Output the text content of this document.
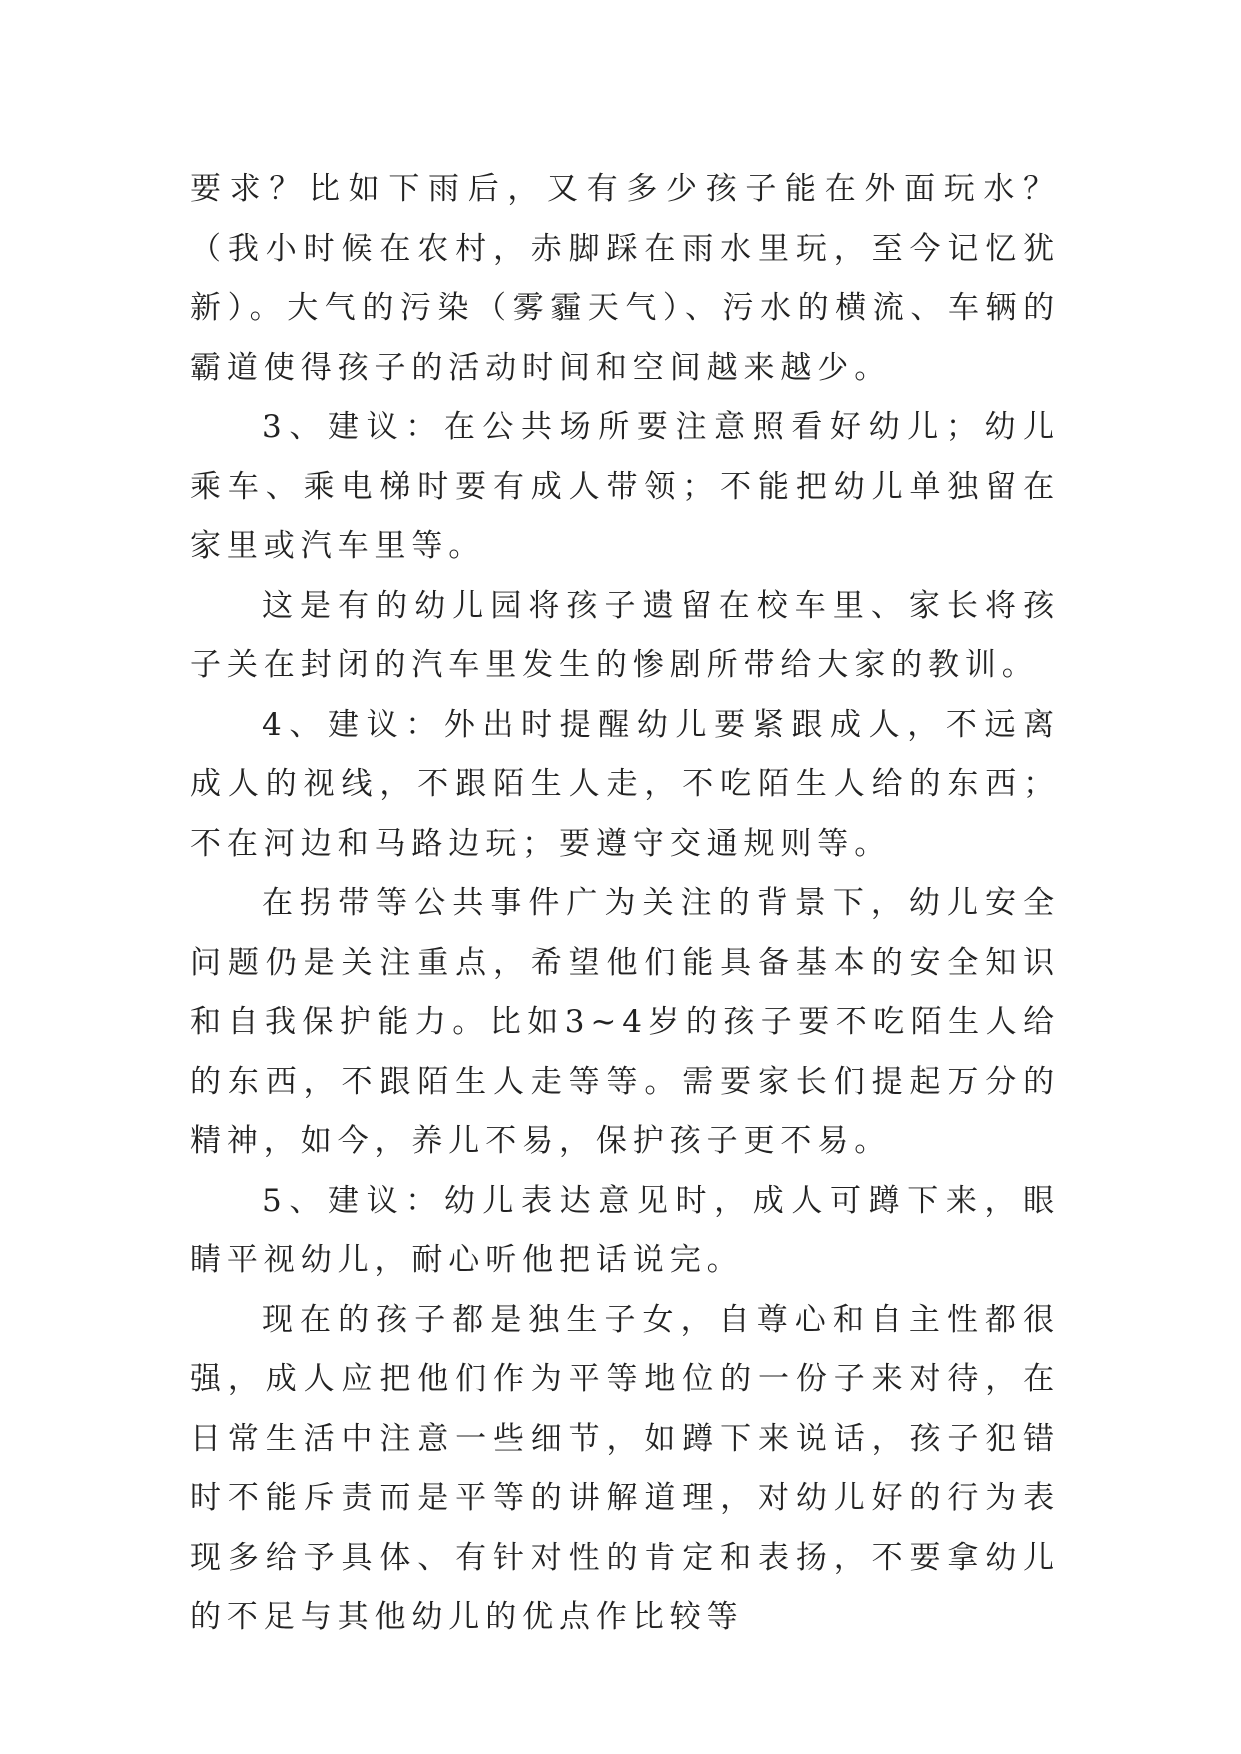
要求？比如下雨后，又有多少孩子能在外面玩水？（我小时候在农村，赤脚踩在雨水里玩，至今记忆犹新）。大气的污染（雾霾天气）、污水的横流、车辆的霸道使得孩子的活动时间和空间越来越少。

3、建议：在公共场所要注意照看好幼儿；幼儿乘车、乘电梯时要有成人带领；不能把幼儿单独留在家里或汽车里等。

这是有的幼儿园将孩子遗留在校车里、家长将孩子关在封闭的汽车里发生的惨剧所带给大家的教训。

4、建议：外出时提醒幼儿要紧跟成人，不远离成人的视线，不跟陌生人走，不吃陌生人给的东西；不在河边和马路边玩；要遵守交通规则等。

在拐带等公共事件广为关注的背景下，幼儿安全问题仍是关注重点，希望他们能具备基本的安全知识和自我保护能力。比如3~4岁的孩子要不吃陌生人给的东西，不跟陌生人走等等。需要家长们提起万分的精神，如今，养儿不易，保护孩子更不易。

5、建议：幼儿表达意见时，成人可蹲下来，眼睛平视幼儿，耐心听他把话说完。

现在的孩子都是独生子女，自尊心和自主性都很强，成人应把他们作为平等地位的一份子来对待，在日常生活中注意一些细节，如蹲下来说话，孩子犯错时不能斥责而是平等的讲解道理，对幼儿好的行为表现多给予具体、有针对性的肯定和表扬，不要拿幼儿的不足与其他幼儿的优点作比较等
